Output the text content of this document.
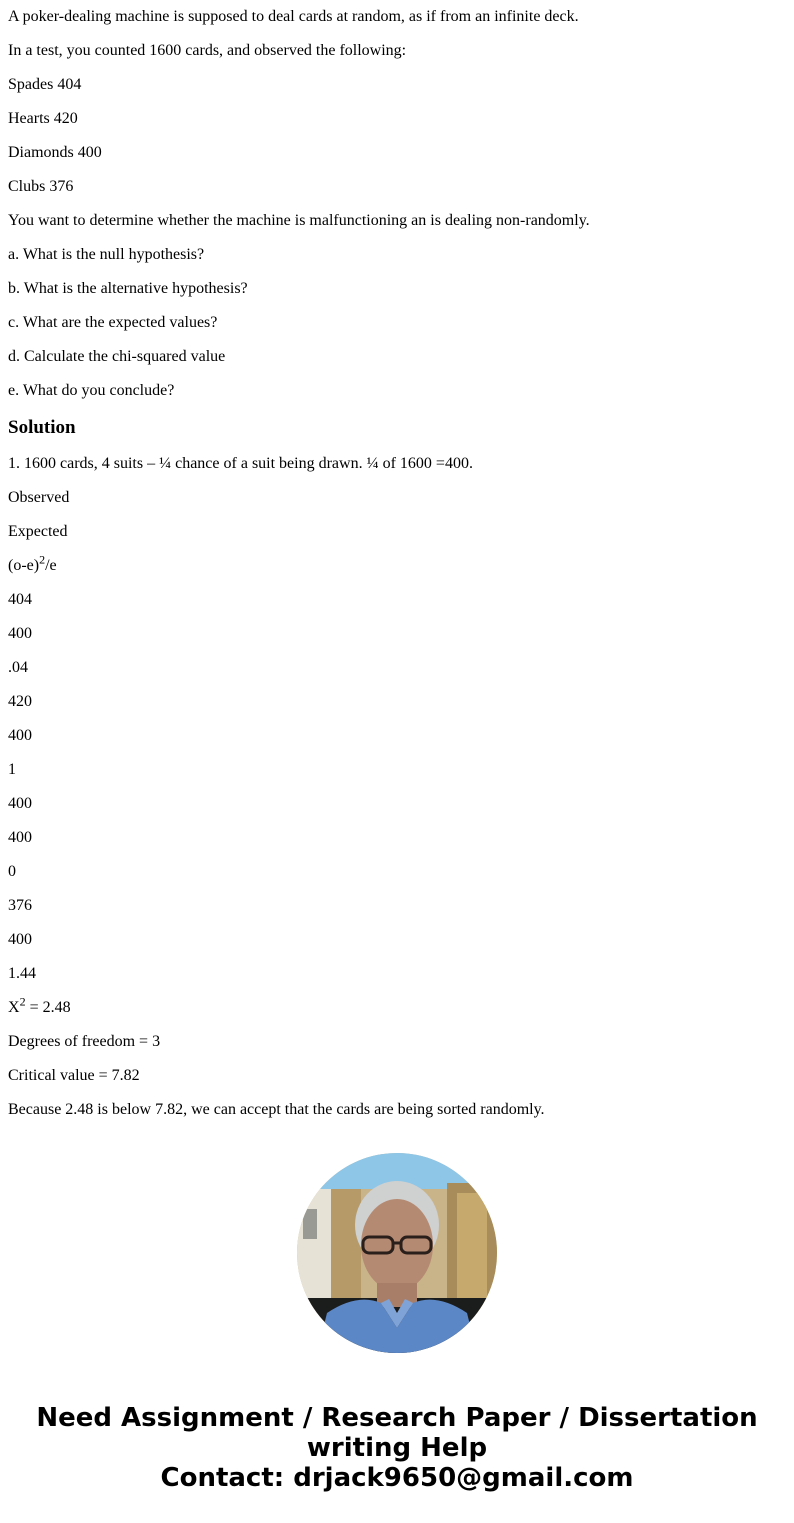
A poker-dealing machine is supposed to deal cards at random, as if from an infinite deck.

In a test, you counted 1600 cards, and observed the following:

Spades 404

Hearts 420

Diamonds 400

Clubs 376

You want to determine whether the machine is malfunctioning an is dealing non-randomly.

a. What is the null hypothesis?

b. What is the alternative hypothesis?

c. What are the expected values?

d. Calculate the chi-squared value

e. What do you conclude?

Solution

1. 1600 cards, 4 suits – ¼ chance of a suit being drawn. ¼ of 1600 =400.

Observed

Expected

$(o-e)^2/e$

404

400

.04

420

400

1

400

400

0

376

400

1.44

$X^2 = 2.48$

Degrees of freedom = 3

Critical value = 7.82

Because 2.48 is below 7.82, we can accept that the cards are being sorted randomly.

Need Assignment / Research Paper / Dissertation
writing Help
Contact: drjack9650@gmail.com
